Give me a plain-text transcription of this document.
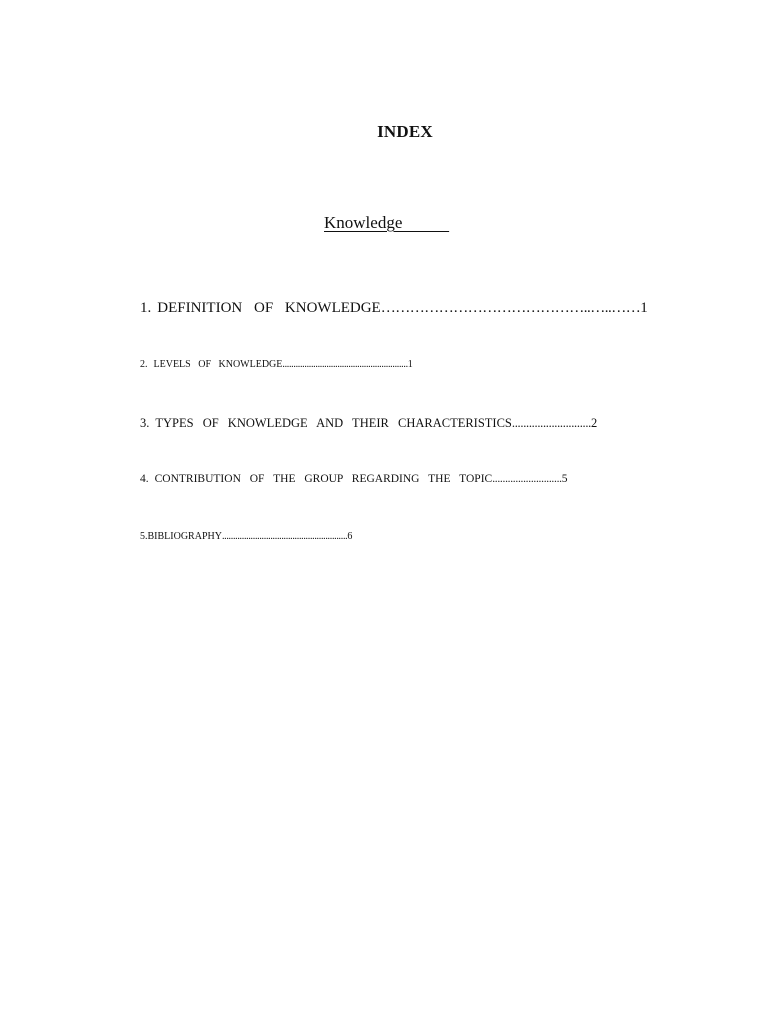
INDEX
Knowledge
1. DEFINITION OF KNOWLEDGE……………………………………..…..……1
2. LEVELS OF KNOWLEDGE.........................................................1
3. TYPES OF KNOWLEDGE AND THEIR CHARACTERISTICS............................2
4. CONTRIBUTION OF THE GROUP REGARDING THE TOPIC...........................5
5.BIBLIOGRAPHY.........................................................6
